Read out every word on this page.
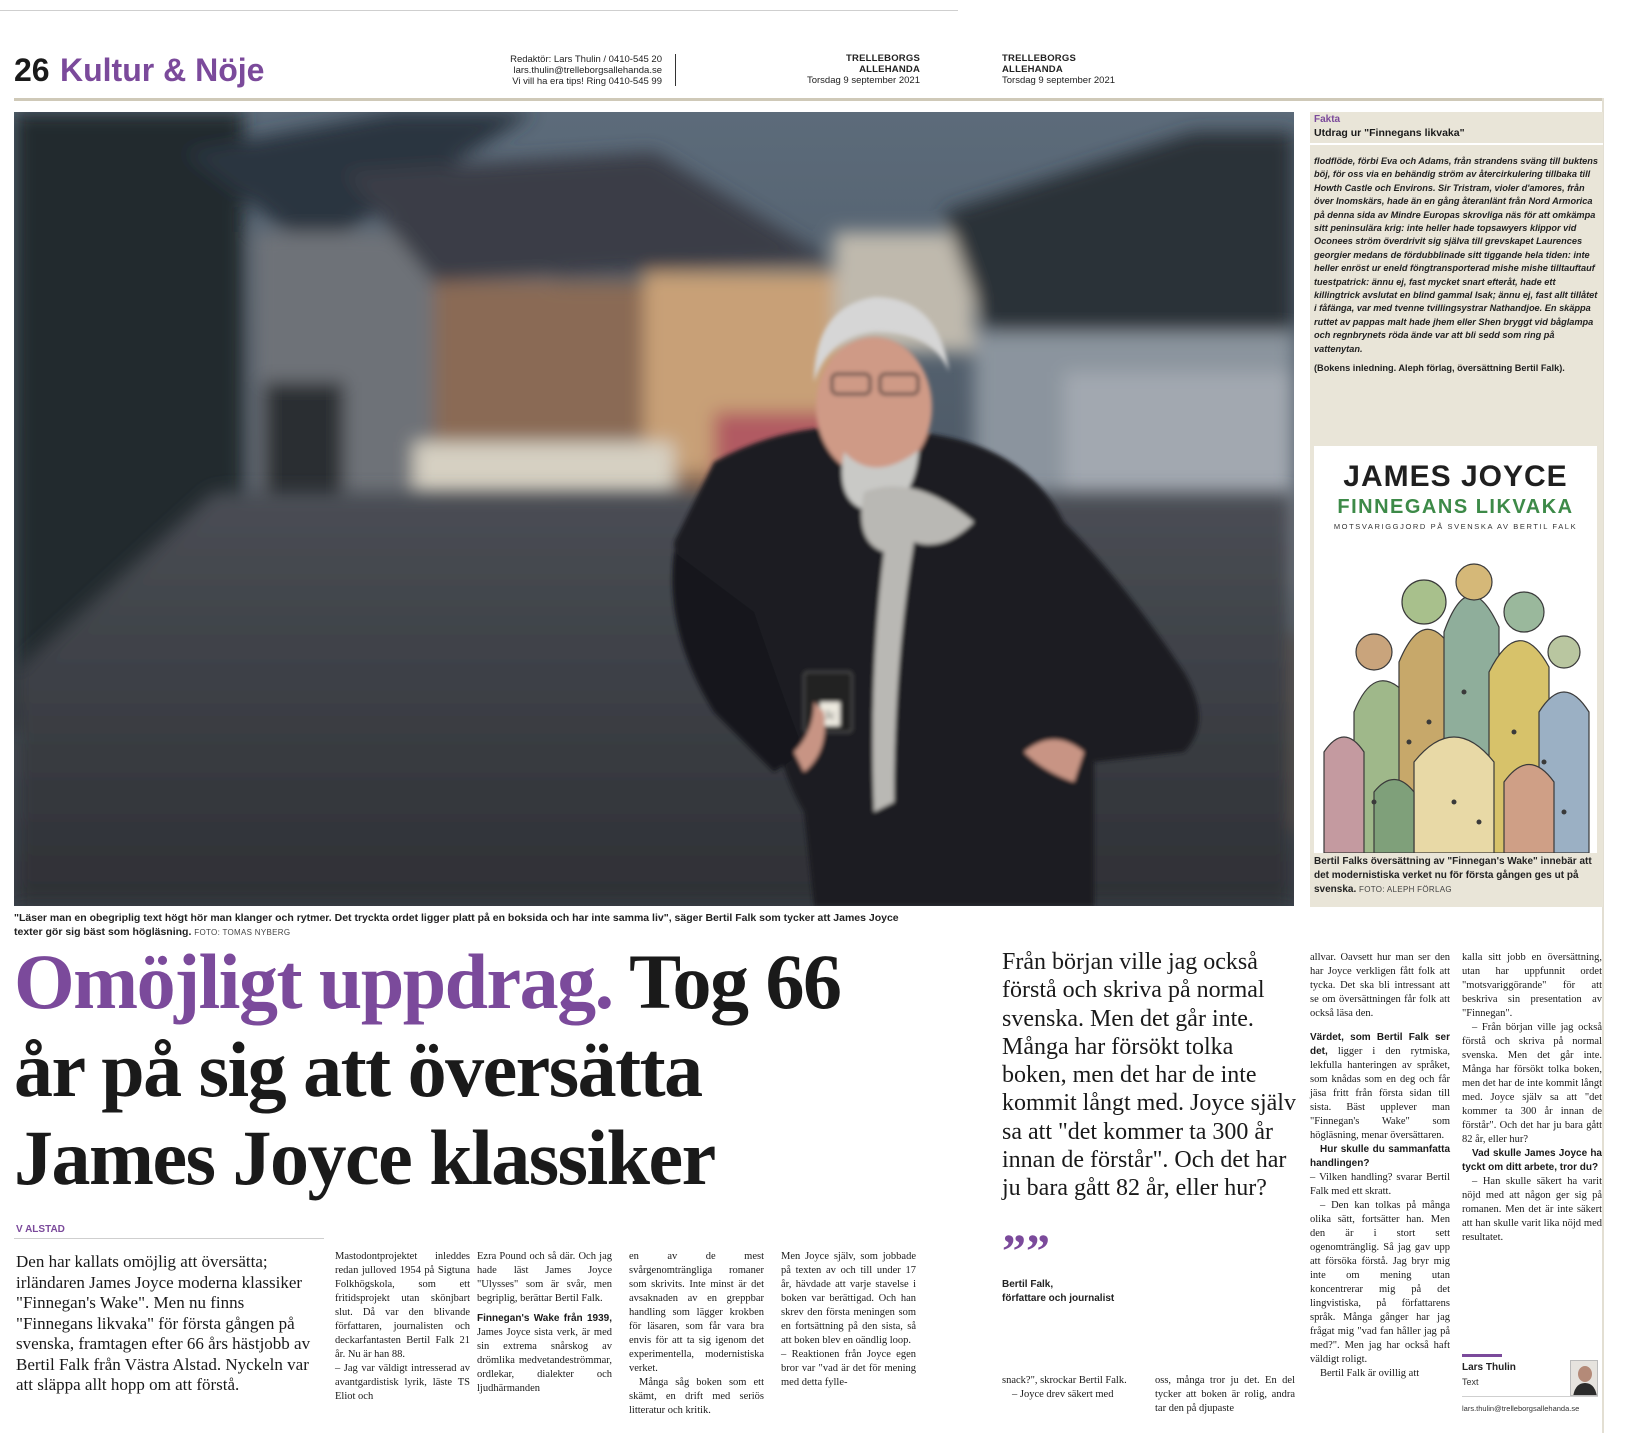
26 Kultur & Nöje	Redaktör: Lars Thulin / 0410-545 20
lars.thulin@trelleborgsallehanda.se
Vi vill ha era tips! Ring 0410-545 99
TRELLEBORGS ALLEHANDA
Torsdag 9 september 2021
TRELLEBORGS ALLEHANDA
Torsdag 9 september 2021
Jc
"Läser man en obegriplig text högt hör man klanger och rytmer. Det tryckta ordet ligger platt på en boksida och har inte samma liv", säger Bertil Falk som tycker att James Joyce texter gör sig bäst som högläsning. FOTO: TOMAS NYBERG
Fakta
Utdrag ur "Finnegans likvaka"
flodflöde, förbi Eva och Adams, från strandens sväng till buktens böj, för oss via en behändig ström av återcirkulering tillbaka till Howth Castle och Environs. Sir Tristram, violer d'amores, från över Inomskärs, hade än en gång återanlänt från Nord Armorica på denna sida av Mindre Europas skrovliga näs för att omkämpa sitt peninsulära krig: inte heller hade topsawyers klippor vid Oconees ström överdrivit sig själva till grevskapet Laurences georgier medans de fördubblinade sitt tiggande hela tiden: inte heller enröst ur eneld föngtransporterad mishe mishe tilltauftauf tuestpatrick: ännu ej, fast mycket snart efteråt, hade ett killingtrick avslutat en blind gammal Isak; ännu ej, fast allt tillåtet i fåfänga, var med tvenne tvillingsystrar Nathandjoe. En skäppa ruttet av pappas malt hade jhem eller Shen bryggt vid båglampa och regnbrynets röda ände var att bli sedd som ring på vattenytan.
(Bokens inledning. Aleph förlag, översättning Bertil Falk).
JAMES JOYCE
FINNEGANS LIKVAKA
MOTSVARIGGJORD PÅ SVENSKA AV BERTIL FALK
Bertil Falks översättning av "Finnegan's Wake" innebär att det modernistiska verket nu för första gången ges ut på svenska. FOTO: ALEPH FÖRLAG
Omöjligt uppdrag. Tog 66 år på sig att översätta James Joyce klassiker
V ALSTAD
Den har kallats omöjlig att översätta; irländaren James Joyce moderna klassiker "Finnegan's Wake". Men nu finns "Finnegans likvaka" för första gången på svenska, framtagen efter 66 års hästjobb av Bertil Falk från Västra Alstad. Nyckeln var att släppa allt hopp om att förstå.

Mastodontprojektet inleddes redan julloved 1954 på Sigtuna Folkhögskola, som ett fritidsprojekt utan skönjbart slut. Då var den blivande författaren, journalisten och deckarfantasten Bertil Falk 21 år. Nu är han 88.

– Jag var väldigt intresserad av avantgardistisk lyrik, läste TS Eliot och

Ezra Pound och så där. Och jag hade läst James Joyce "Ulysses" som är svår, men begriplig, berättar Bertil Falk.

Finnegan's Wake från 1939, James Joyce sista verk, är med sin extrema snårskog av drömlika medvetandeströmmar, ordlekar, dialekter och ljudhärmanden

en av de mest svårgenomträngliga romaner som skrivits. Inte minst är det avsaknaden av en greppbar handling som lägger krokben för läsaren, som får vara bra envis för att ta sig igenom det experimentella, modernistiska verket.

Många såg boken som ett skämt, en drift med seriös litteratur och kritik.

Men Joyce själv, som jobbade på texten av och till under 17 år, hävdade att varje stavelse i boken var berättigad. Och han skrev den första meningen som en fortsättning på den sista, så att boken blev en oändlig loop.

– Reaktionen från Joyce egen bror var "vad är det för mening med detta fylle-

Från början ville jag också förstå och skriva på normal svenska. Men det går inte. Många har försökt tolka boken, men det har de inte kommit långt med. Joyce själv sa att "det kommer ta 300 år innan de förstår". Och det har ju bara gått 82 år, eller hur?
””
Bertil Falk,
författare och journalist

snack?", skrockar Bertil Falk.

– Joyce drev säkert med

oss, många tror ju det. En del tycker att boken är rolig, andra tar den på djupaste

allvar. Oavsett hur man ser den har Joyce verkligen fått folk att tycka. Det ska bli intressant att se om översättningen får folk att också läsa den.

Värdet, som Bertil Falk ser det, ligger i den rytmiska, lekfulla hanteringen av språket, som knådas som en deg och får jäsa fritt från första sidan till sista. Bäst upplever man "Finnegan's Wake" som högläsning, menar översättaren.

Hur skulle du sammanfatta handlingen?

– Vilken handling? svarar Bertil Falk med ett skratt.

– Den kan tolkas på många olika sätt, fortsätter han. Men den är i stort sett ogenomtränglig. Så jag gav upp att försöka förstå. Jag bryr mig inte om mening utan koncentrerar mig på det lingvistiska, på författarens språk. Många gånger har jag frågat mig "vad fan håller jag på med?". Men jag har också haft väldigt roligt.

Bertil Falk är ovillig att

kalla sitt jobb en översättning, utan har uppfunnit ordet "motsvariggörande" för att beskriva sin presentation av "Finnegan".

– Från början ville jag också förstå och skriva på normal svenska. Men det går inte. Många har försökt tolka boken, men det har de inte kommit långt med. Joyce själv sa att "det kommer ta 300 år innan de förstår". Och det har ju bara gått 82 år, eller hur?

Vad skulle James Joyce ha tyckt om ditt arbete, tror du?

– Han skulle säkert ha varit nöjd med att någon ger sig på romanen. Men det är inte säkert att han skulle varit lika nöjd med resultatet.

Lars Thulin
Text
lars.thulin@trelleborgsallehanda.se
